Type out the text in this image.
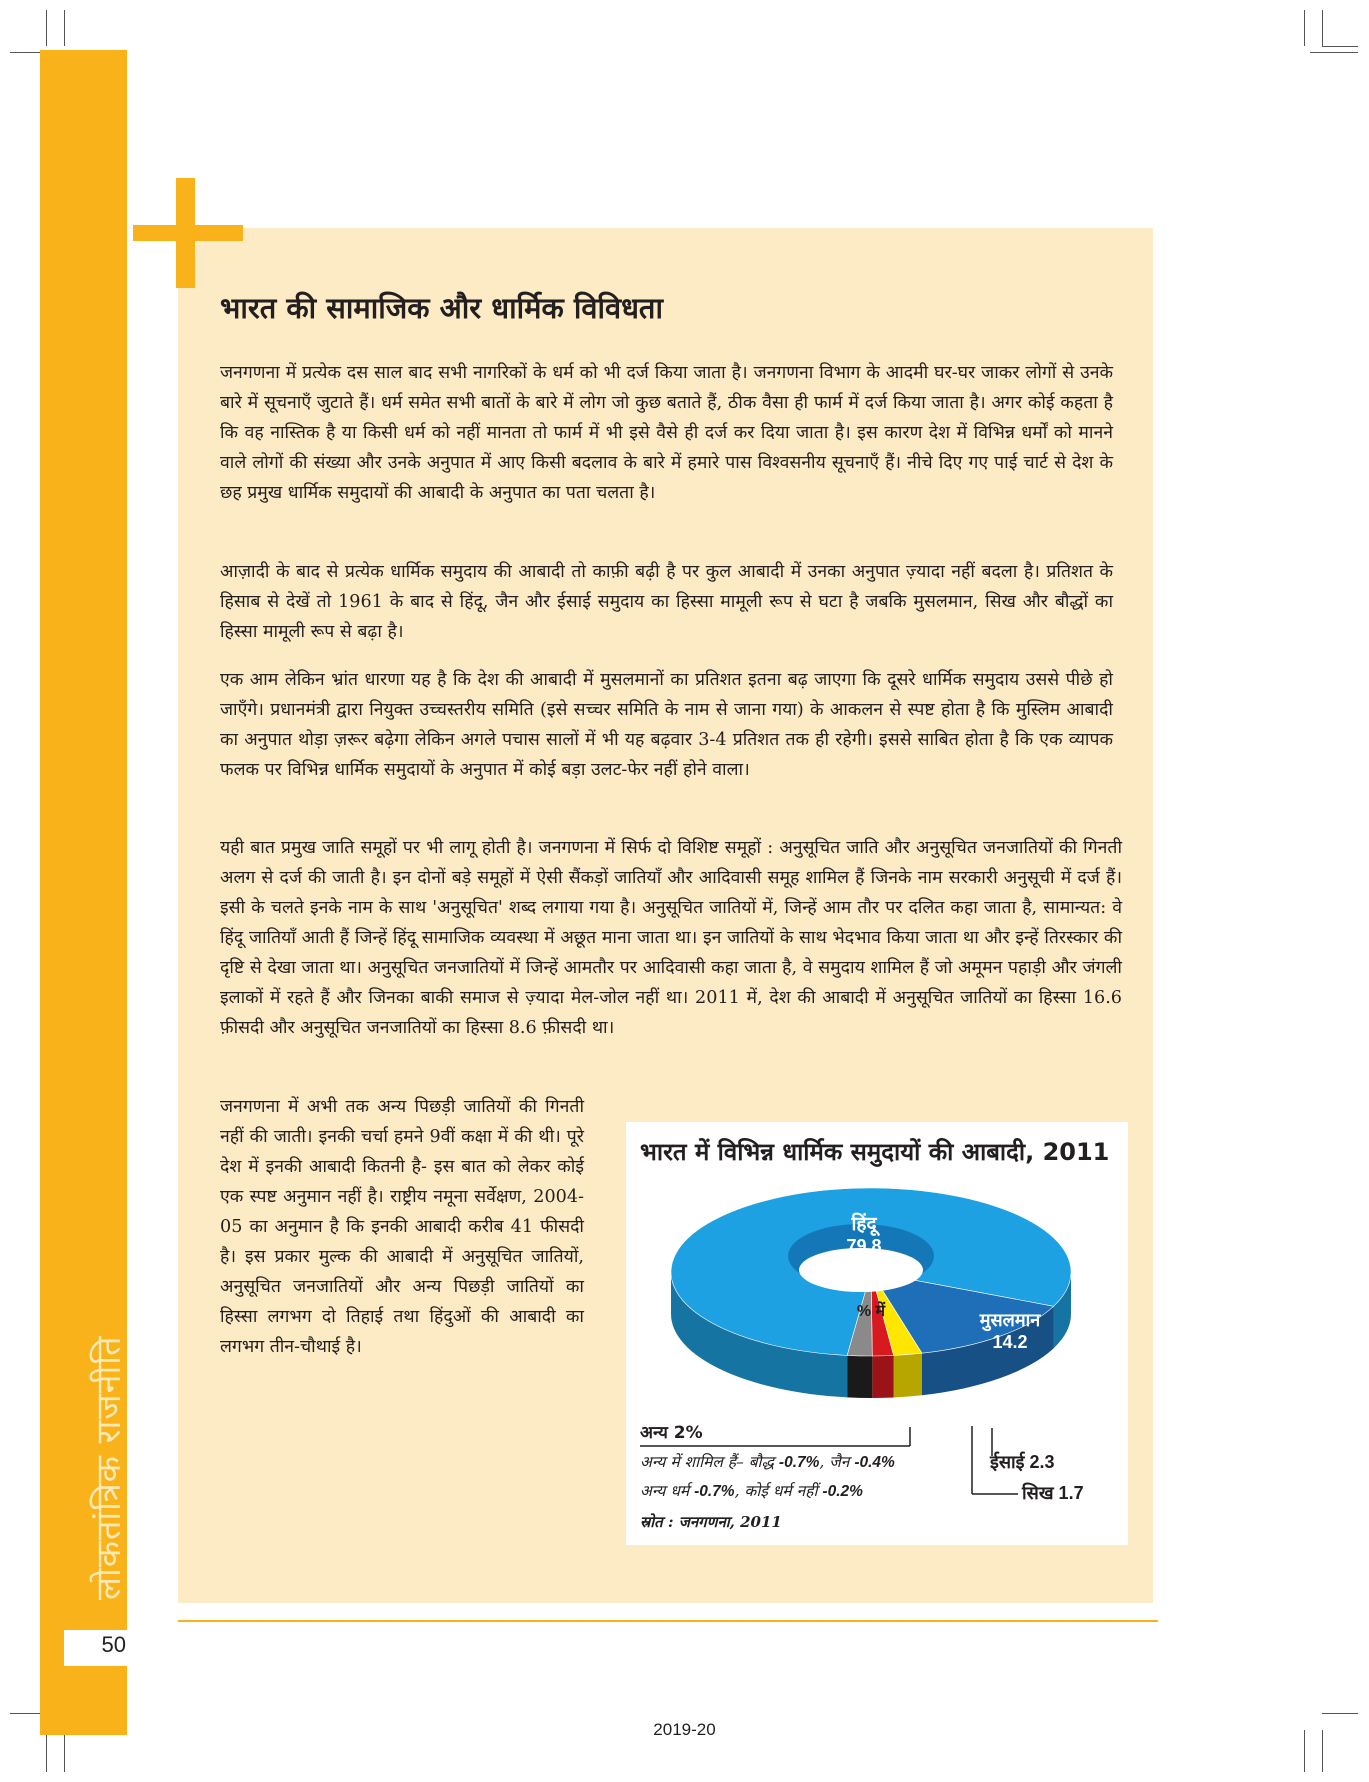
लोकतांत्रिक राजनीति
50
भारत की सामाजिक और धार्मिक विविधता

जनगणना में प्रत्येक दस साल बाद सभी नागरिकों के धर्म को भी दर्ज किया जाता है। जनगणना विभाग के आदमी घर-घर जाकर लोगों से उनके बारे में सूचनाएँ जुटाते हैं। धर्म समेत सभी बातों के बारे में लोग जो कुछ बताते हैं, ठीक वैसा ही फार्म में दर्ज किया जाता है। अगर कोई कहता है कि वह नास्तिक है या किसी धर्म को नहीं मानता तो फार्म में भी इसे वैसे ही दर्ज कर दिया जाता है। इस कारण देश में विभिन्न धर्मों को मानने वाले लोगों की संख्या और उनके अनुपात में आए किसी बदलाव के बारे में हमारे पास विश्वसनीय सूचनाएँ हैं। नीचे दिए गए पाई चार्ट से देश के छह प्रमुख धार्मिक समुदायों की आबादी के अनुपात का पता चलता है।

आज़ादी के बाद से प्रत्येक धार्मिक समुदाय की आबादी तो काफ़ी बढ़ी है पर कुल आबादी में उनका अनुपात ज़्यादा नहीं बदला है। प्रतिशत के हिसाब से देखें तो 1961 के बाद से हिंदू, जैन और ईसाई समुदाय का हिस्सा मामूली रूप से घटा है जबकि मुसलमान, सिख और बौद्धों का हिस्सा मामूली रूप से बढ़ा है।

एक आम लेकिन भ्रांत धारणा यह है कि देश की आबादी में मुसलमानों का प्रतिशत इतना बढ़ जाएगा कि दूसरे धार्मिक समुदाय उससे पीछे हो जाएँगे। प्रधानमंत्री द्वारा नियुक्त उच्चस्तरीय समिति (इसे सच्चर समिति के नाम से जाना गया) के आकलन से स्पष्ट होता है कि मुस्लिम आबादी का अनुपात थोड़ा ज़रूर बढ़ेगा लेकिन अगले पचास सालों में भी यह बढ़वार 3-4 प्रतिशत तक ही रहेगी। इससे साबित होता है कि एक व्यापक फलक पर विभिन्न धार्मिक समुदायों के अनुपात में कोई बड़ा उलट-फेर नहीं होने वाला।

यही बात प्रमुख जाति समूहों पर भी लागू होती है। जनगणना में सिर्फ दो विशिष्ट समूहों : अनुसूचित जाति और अनुसूचित जनजातियों की गिनती अलग से दर्ज की जाती है। इन दोनों बड़े समूहों में ऐसी सैंकड़ों जातियाँ और आदिवासी समूह शामिल हैं जिनके नाम सरकारी अनुसूची में दर्ज हैं। इसी के चलते इनके नाम के साथ 'अनुसूचित' शब्द लगाया गया है। अनुसूचित जातियों में, जिन्हें आम तौर पर दलित कहा जाता है, सामान्यत: वे हिंदू जातियाँ आती हैं जिन्हें हिंदू सामाजिक व्यवस्था में अछूत माना जाता था। इन जातियों के साथ भेदभाव किया जाता था और इन्हें तिरस्कार की दृष्टि से देखा जाता था। अनुसूचित जनजातियों में जिन्हें आमतौर पर आदिवासी कहा जाता है, वे समुदाय शामिल हैं जो अमूमन पहाड़ी और जंगली इलाकों में रहते हैं और जिनका बाकी समाज से ज़्यादा मेल-जोल नहीं था। 2011 में, देश की आबादी में अनुसूचित जातियों का हिस्सा 16.6 फ़ीसदी और अनुसूचित जनजातियों का हिस्सा 8.6 फ़ीसदी था।

जनगणना में अभी तक अन्य पिछड़ी जातियों की गिनती नहीं की जाती। इनकी चर्चा हमने 9वीं कक्षा में की थी। पूरे देश में इनकी आबादी कितनी है- इस बात को लेकर कोई एक स्पष्ट अनुमान नहीं है। राष्ट्रीय नमूना सर्वेक्षण, 2004-05 का अनुमान है कि इनकी आबादी करीब 41 फीसदी है। इस प्रकार मुल्क की आबादी में अनुसूचित जातियों, अनुसूचित जनजातियों और अन्य पिछड़ी जातियों का हिस्सा लगभग दो तिहाई तथा हिंदुओं की आबादी का लगभग तीन-चौथाई है।

भारत में विभिन्न धार्मिक समुदायों की आबादी, 2011
% में
हिंदू
79.8
मुसलमान
14.2
अन्य 2%
ईसाई 2.3
सिख 1.7

अन्य में शामिल हैं– बौद्ध -0.7%, जैन -0.4%

अन्य धर्म -0.7%, कोई धर्म नहीं -0.2%

स्रोत : जनगणना, 2011
2019-20
